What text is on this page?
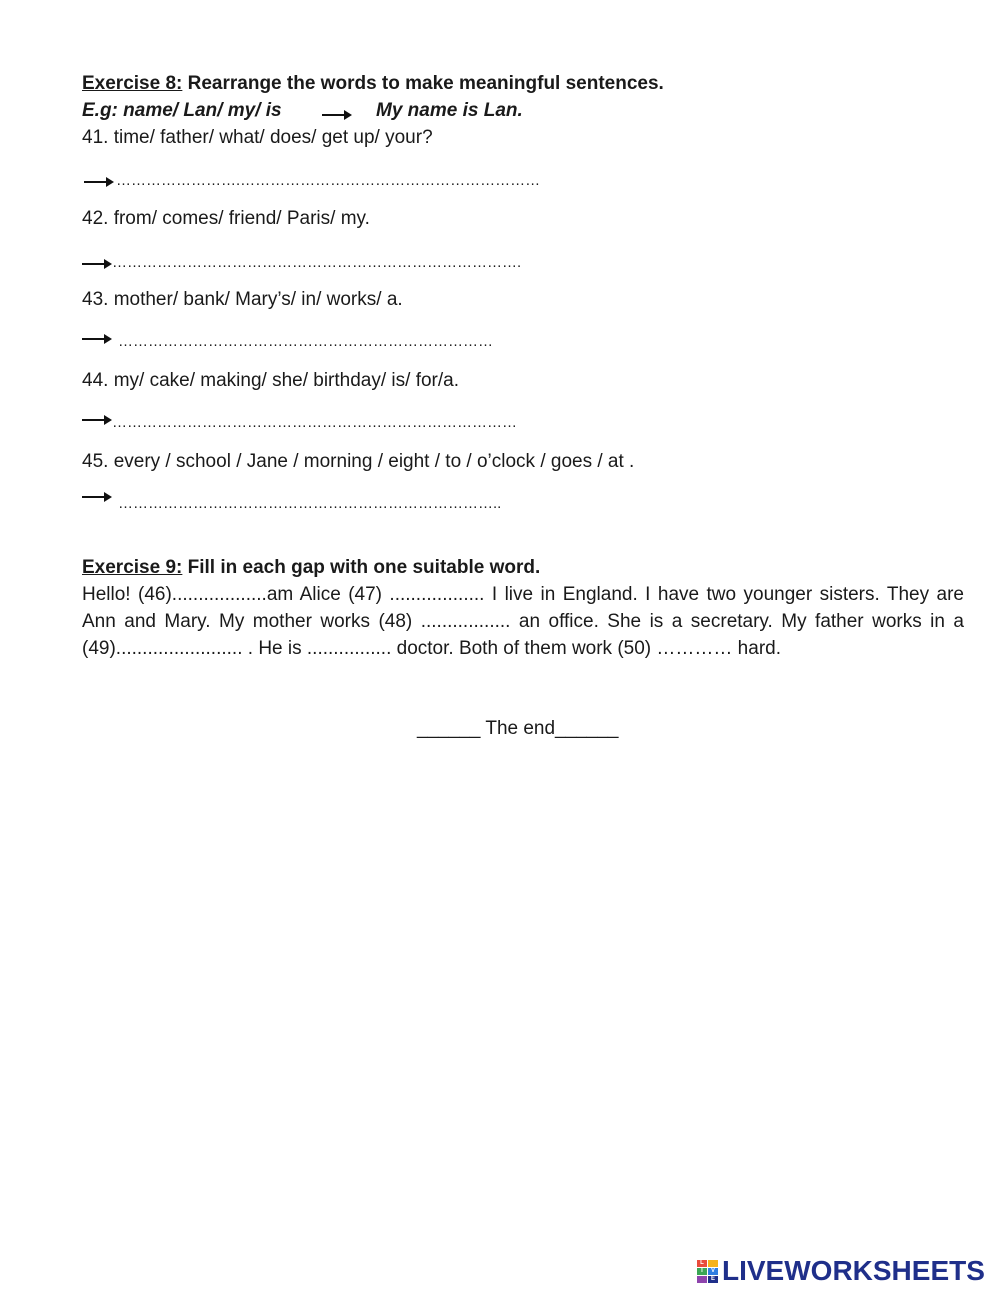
Exercise 8: Rearrange the words to make meaningful sentences.
E.g: name/ Lan/ my/ is	My name is Lan.
41. time/ father/ what/ does/ get up/ your?
…………………….……………………………………………………
42. from/ comes/ friend/ Paris/ my.
……………………………………………………………………….
43. mother/ bank/ Mary’s/ in/ works/ a.
…………………………………………………………………
44. my/ cake/ making/ she/ birthday/ is/ for/a.
………………………………………………………………………
45. every / school / Jane / morning / eight / to / o’clock / goes / at .
…………………………………………………………………..
Exercise 9: Fill in each gap with one suitable word.
Hello! (46)..................am Alice (47) .................. I live in England. I have two younger sisters. They are Ann and Mary. My mother works (48) ................. an office. She is a secretary. My father works in a (49)........................ . He is ................ doctor. Both of them work (50) ………… hard.
______ The end______
L
I	V
E LIVEWORKSHEETS
